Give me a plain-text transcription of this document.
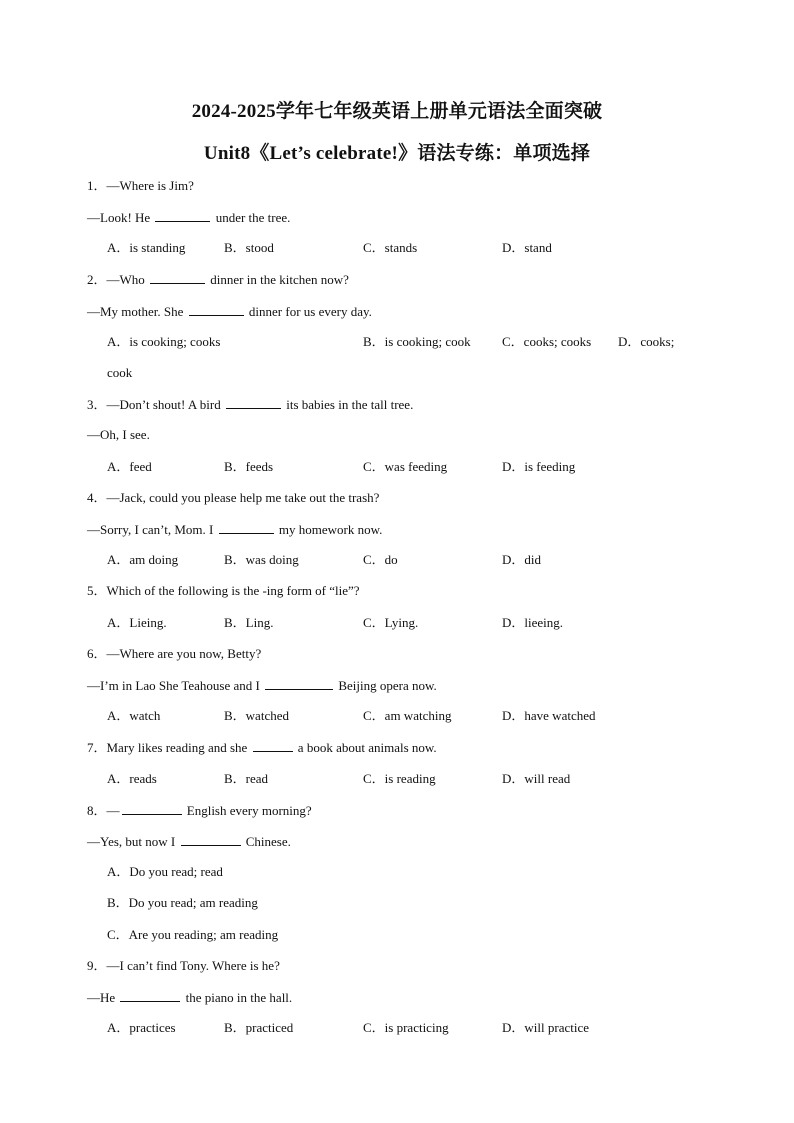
2024-2025学年七年级英语上册单元语法全面突破
Unit8《Let’s celebrate!》语法专练：单项选择
1．—Where is Jim?
—Look! He	under the tree.
A．is standing	B．stood	C．stands	D．stand
2．—Who	dinner in the kitchen now?
—My mother. She	dinner for us every day.
A．is cooking; cooks	B．is cooking; cook C．cooks; cooks D．cooks;
cook
3．—Don’t shout! A bird	its babies in the tall tree.
—Oh, I see.
A．feed	B．feeds	C．was feeding	D．is feeding
4．—Jack, could you please help me take out the trash?
—Sorry, I can’t, Mom. I	my homework now.
A．am doing	B．was doing	C．do	D．did
5．Which of the following is the -ing form of “lie”?
A．Lieing.	B．Ling.	C．Lying.	D．lieeing.
6．—Where are you now, Betty?
—I’m in Lao She Teahouse and I	Beijing opera now.
A．watch	B．watched	C．am watching	D．have watched
7．Mary likes reading and she	a book about animals now.
A．reads	B．read	C．is reading	D．will read
8．—	English every morning?
—Yes, but now I	Chinese.
A．Do you read; read
B．Do you read; am reading
C．Are you reading; am reading
9．—I can’t find Tony. Where is he?
—He	the piano in the hall.
A．practices	B．practiced	C．is practicing	D．will practice
